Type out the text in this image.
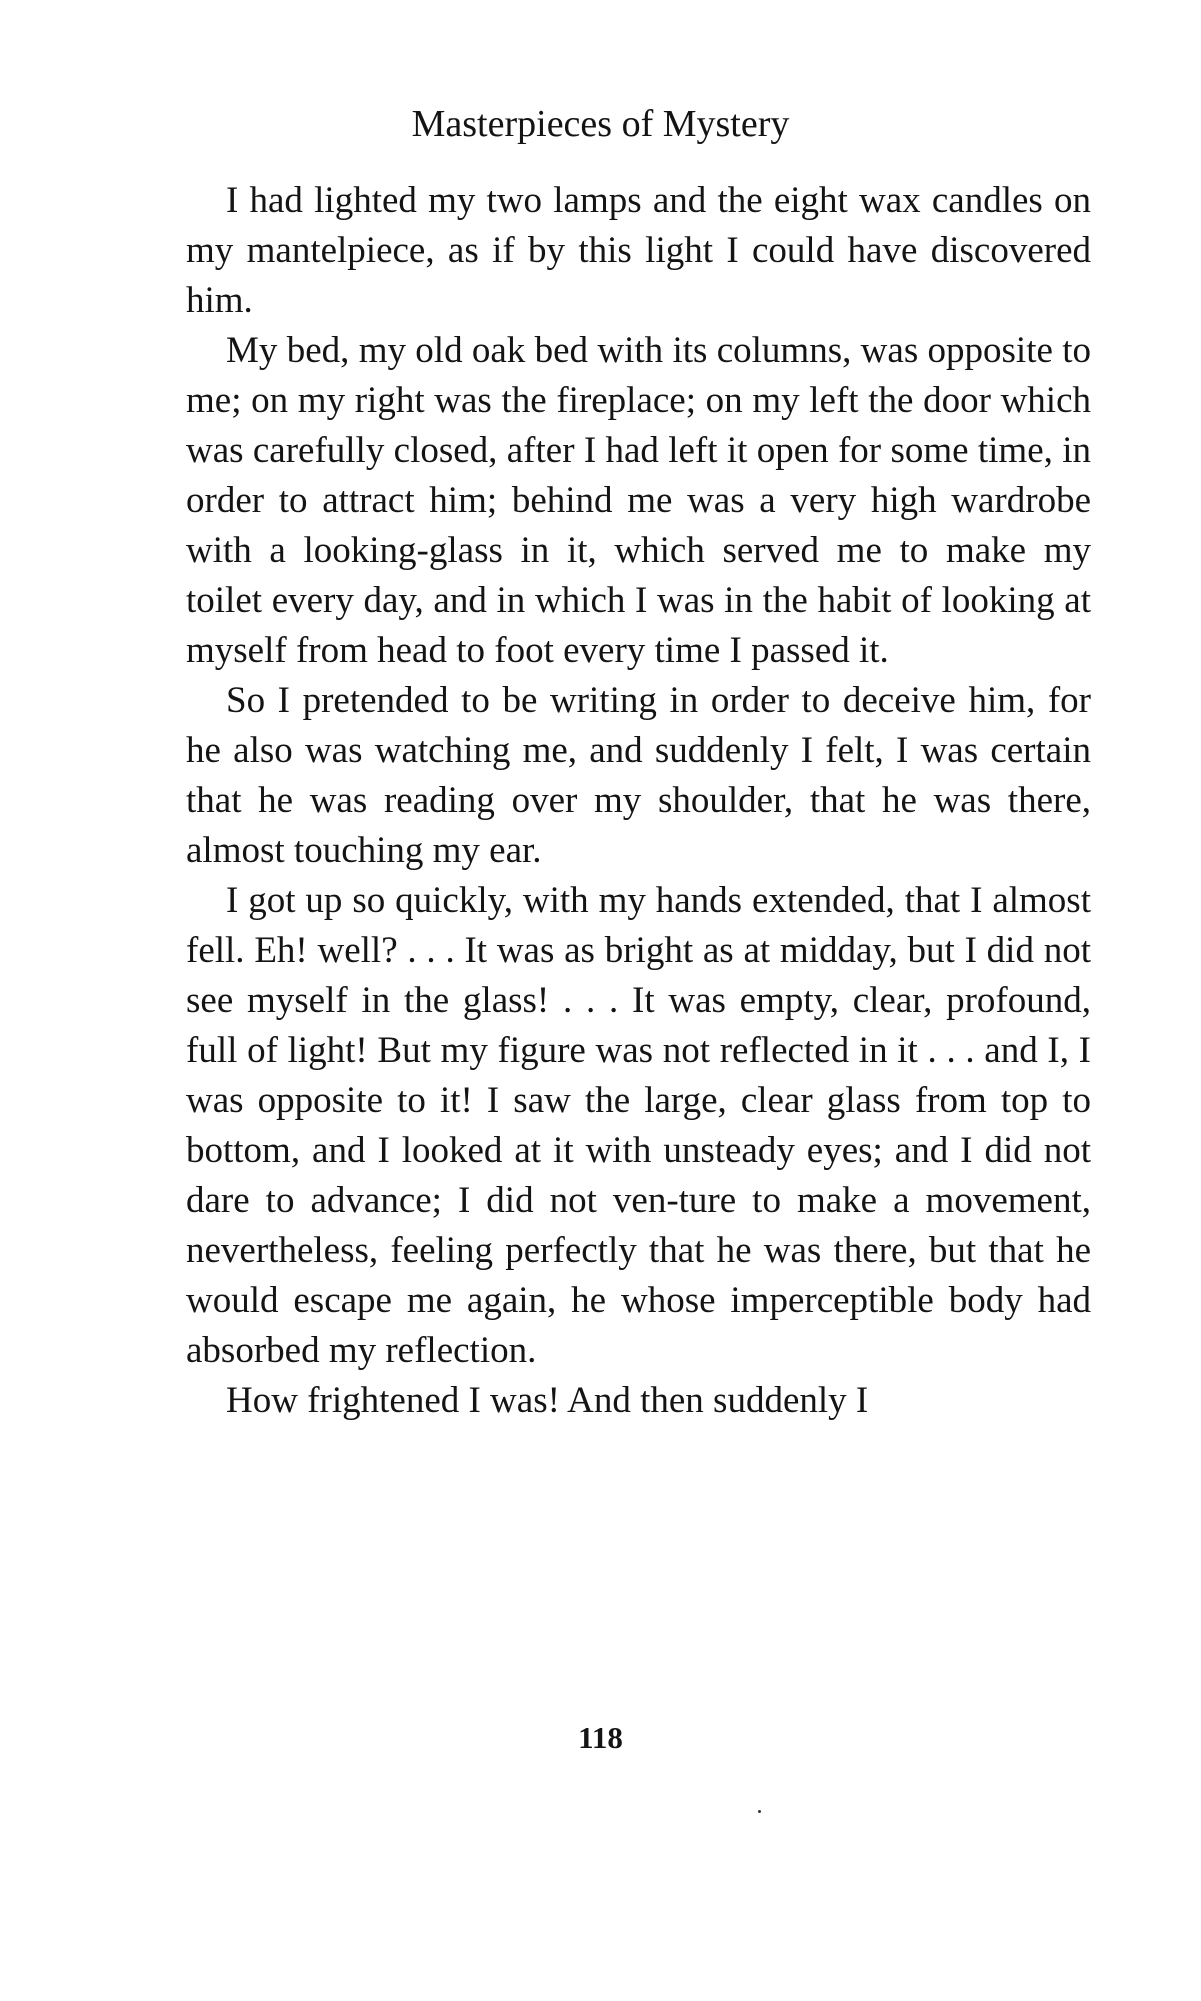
Masterpieces of Mystery

I had lighted my two lamps and the eight wax candles on my mantelpiece, as if by this light I could have discovered him.

My bed, my old oak bed with its columns, was opposite to me; on my right was the fireplace; on my left the door which was carefully closed, after I had left it open for some time, in order to attract him; behind me was a very high wardrobe with a looking-glass in it, which served me to make my toilet every day, and in which I was in the habit of looking at myself from head to foot every time I passed it.

So I pretended to be writing in order to deceive him, for he also was watching me, and suddenly I felt, I was certain that he was reading over my shoulder, that he was there, almost touching my ear.

I got up so quickly, with my hands extended, that I almost fell. Eh! well? . . . It was as bright as at midday, but I did not see myself in the glass! . . . It was empty, clear, profound, full of light! But my figure was not reflected in it . . . and I, I was opposite to it! I saw the large, clear glass from top to bottom, and I looked at it with unsteady eyes; and I did not dare to advance; I did not ven-ture to make a movement, nevertheless, feeling perfectly that he was there, but that he would escape me again, he whose imperceptible body had absorbed my reflection.

How frightened I was! And then suddenly I

118
